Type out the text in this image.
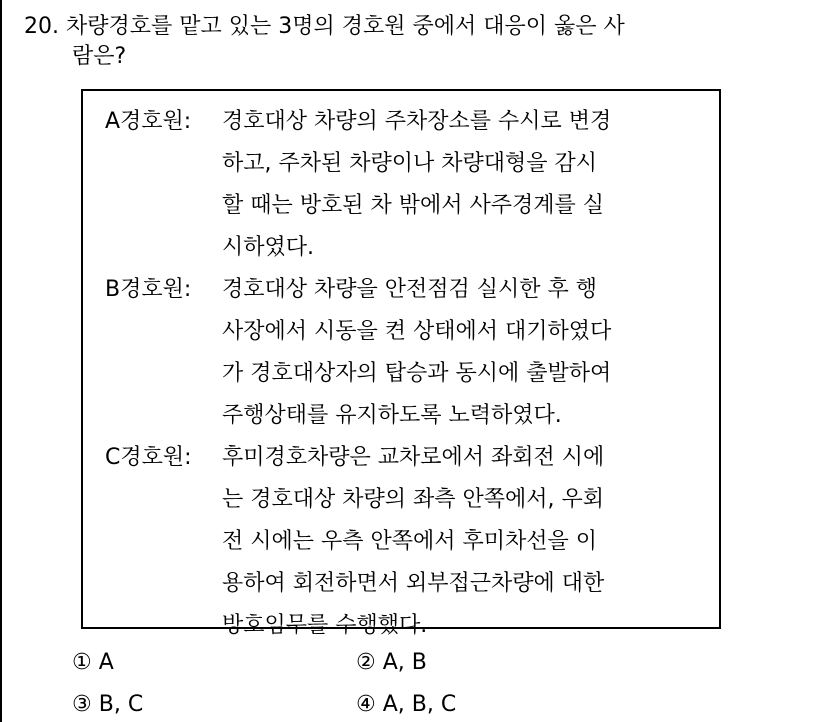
20. 차량경호를 맡고 있는 3명의 경호원 중에서 대응이 옳은 사
람은?
A경호원: 경호대상 차량의 주차장소를 수시로 변경
하고, 주차된 차량이나 차량대형을 감시
할 때는 방호된 차 밖에서 사주경계를 실
시하였다.
B경호원: 경호대상 차량을 안전점검 실시한 후 행
사장에서 시동을 켠 상태에서 대기하였다
가 경호대상자의 탑승과 동시에 출발하여
주행상태를 유지하도록 노력하였다.
C경호원: 후미경호차량은 교차로에서 좌회전 시에
는 경호대상 차량의 좌측 안쪽에서, 우회
전 시에는 우측 안쪽에서 후미차선을 이
용하여 회전하면서 외부접근차량에 대한
방호임무를 수행했다.
① A	② A, B
③ B, C	④ A, B, C
